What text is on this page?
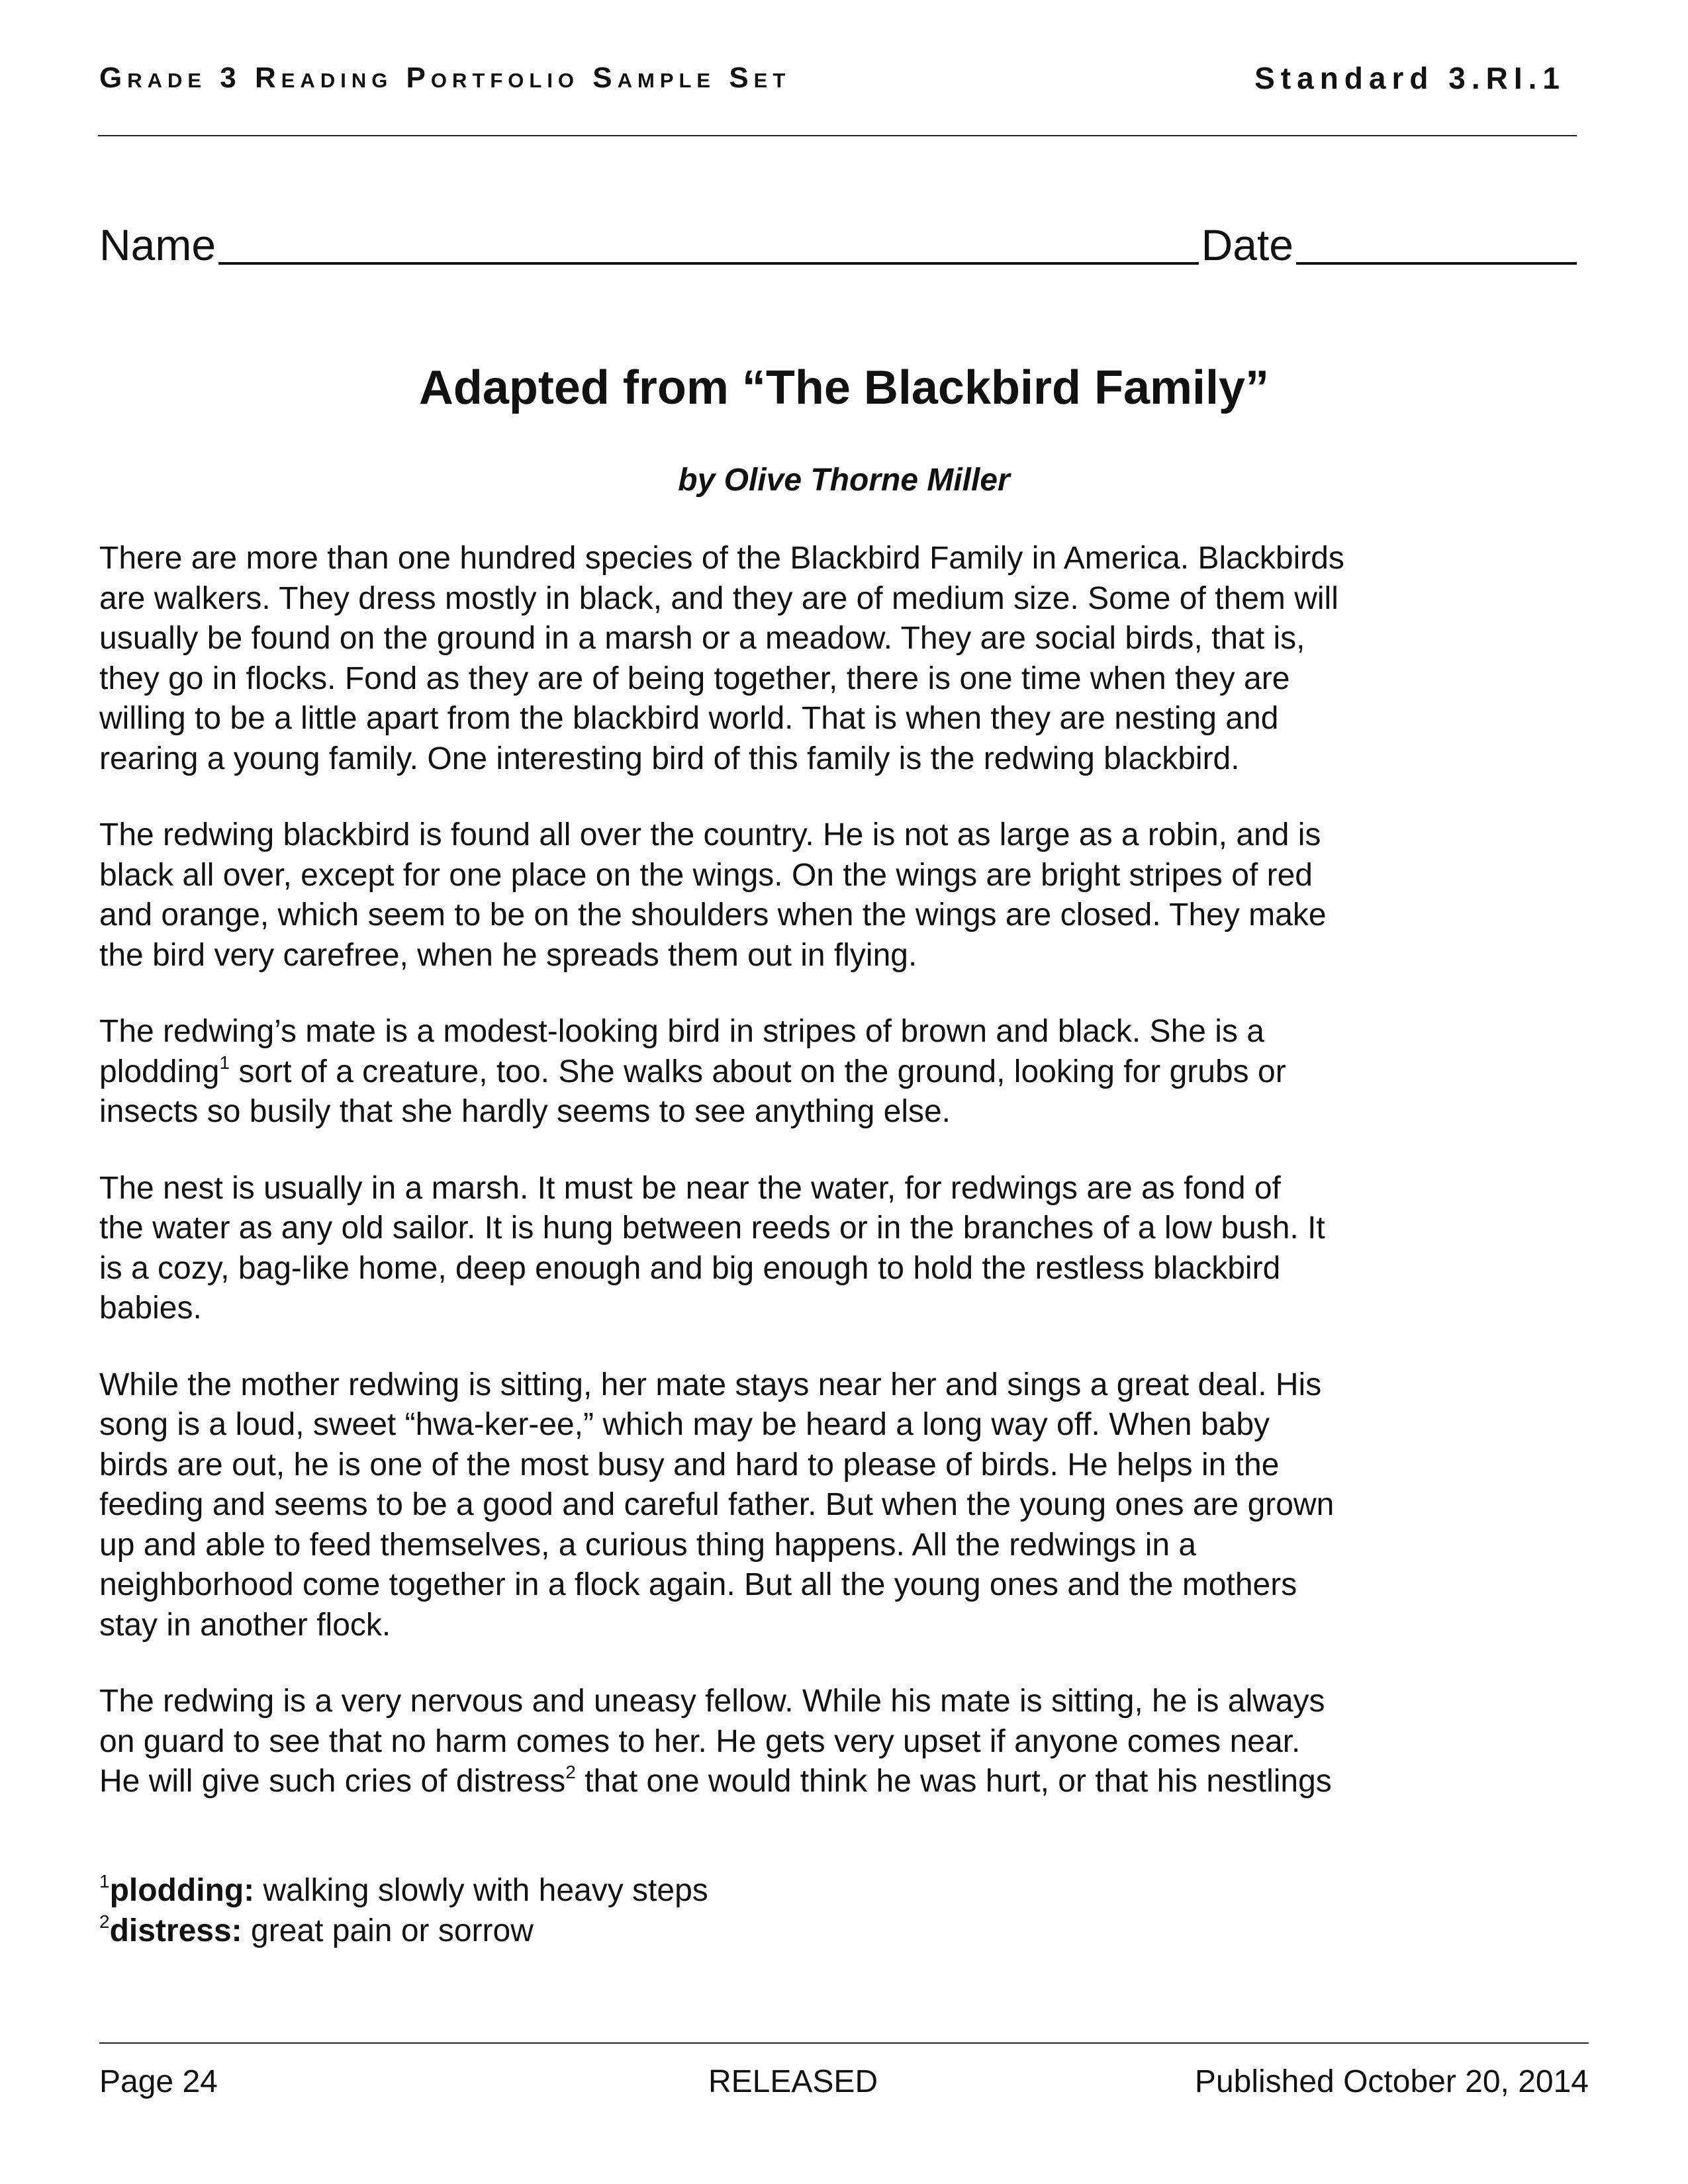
Grade 3 Reading Portfolio Sample Set	Standard 3.RI.1
Name	Date
Adapted from “The Blackbird Family”
by Olive Thorne Miller

There are more than one hundred species of the Blackbird Family in America. Blackbirds
are walkers. They dress mostly in black, and they are of medium size. Some of them will
usually be found on the ground in a marsh or a meadow. They are social birds, that is,
they go in flocks. Fond as they are of being together, there is one time when they are
willing to be a little apart from the blackbird world. That is when they are nesting and
rearing a young family. One interesting bird of this family is the redwing blackbird.

The redwing blackbird is found all over the country. He is not as large as a robin, and is
black all over, except for one place on the wings. On the wings are bright stripes of red
and orange, which seem to be on the shoulders when the wings are closed. They make
the bird very carefree, when he spreads them out in flying.

The redwing’s mate is a modest-looking bird in stripes of brown and black. She is a
plodding$^1$ sort of a creature, too. She walks about on the ground, looking for grubs or
insects so busily that she hardly seems to see anything else.

The nest is usually in a marsh. It must be near the water, for redwings are as fond of
the water as any old sailor. It is hung between reeds or in the branches of a low bush. It
is a cozy, bag-like home, deep enough and big enough to hold the restless blackbird
babies.

While the mother redwing is sitting, her mate stays near her and sings a great deal. His
song is a loud, sweet “hwa-ker-ee,” which may be heard a long way off. When baby
birds are out, he is one of the most busy and hard to please of birds. He helps in the
feeding and seems to be a good and careful father. But when the young ones are grown
up and able to feed themselves, a curious thing happens. All the redwings in a
neighborhood come together in a flock again. But all the young ones and the mothers
stay in another flock.

The redwing is a very nervous and uneasy fellow. While his mate is sitting, he is always
on guard to see that no harm comes to her. He gets very upset if anyone comes near.
He will give such cries of distress$^2$ that one would think he was hurt, or that his nestlings

$^1$plodding: walking slowly with heavy steps
$^2$distress: great pain or sorrow
Page 24	RELEASED	Published October 20, 2014
